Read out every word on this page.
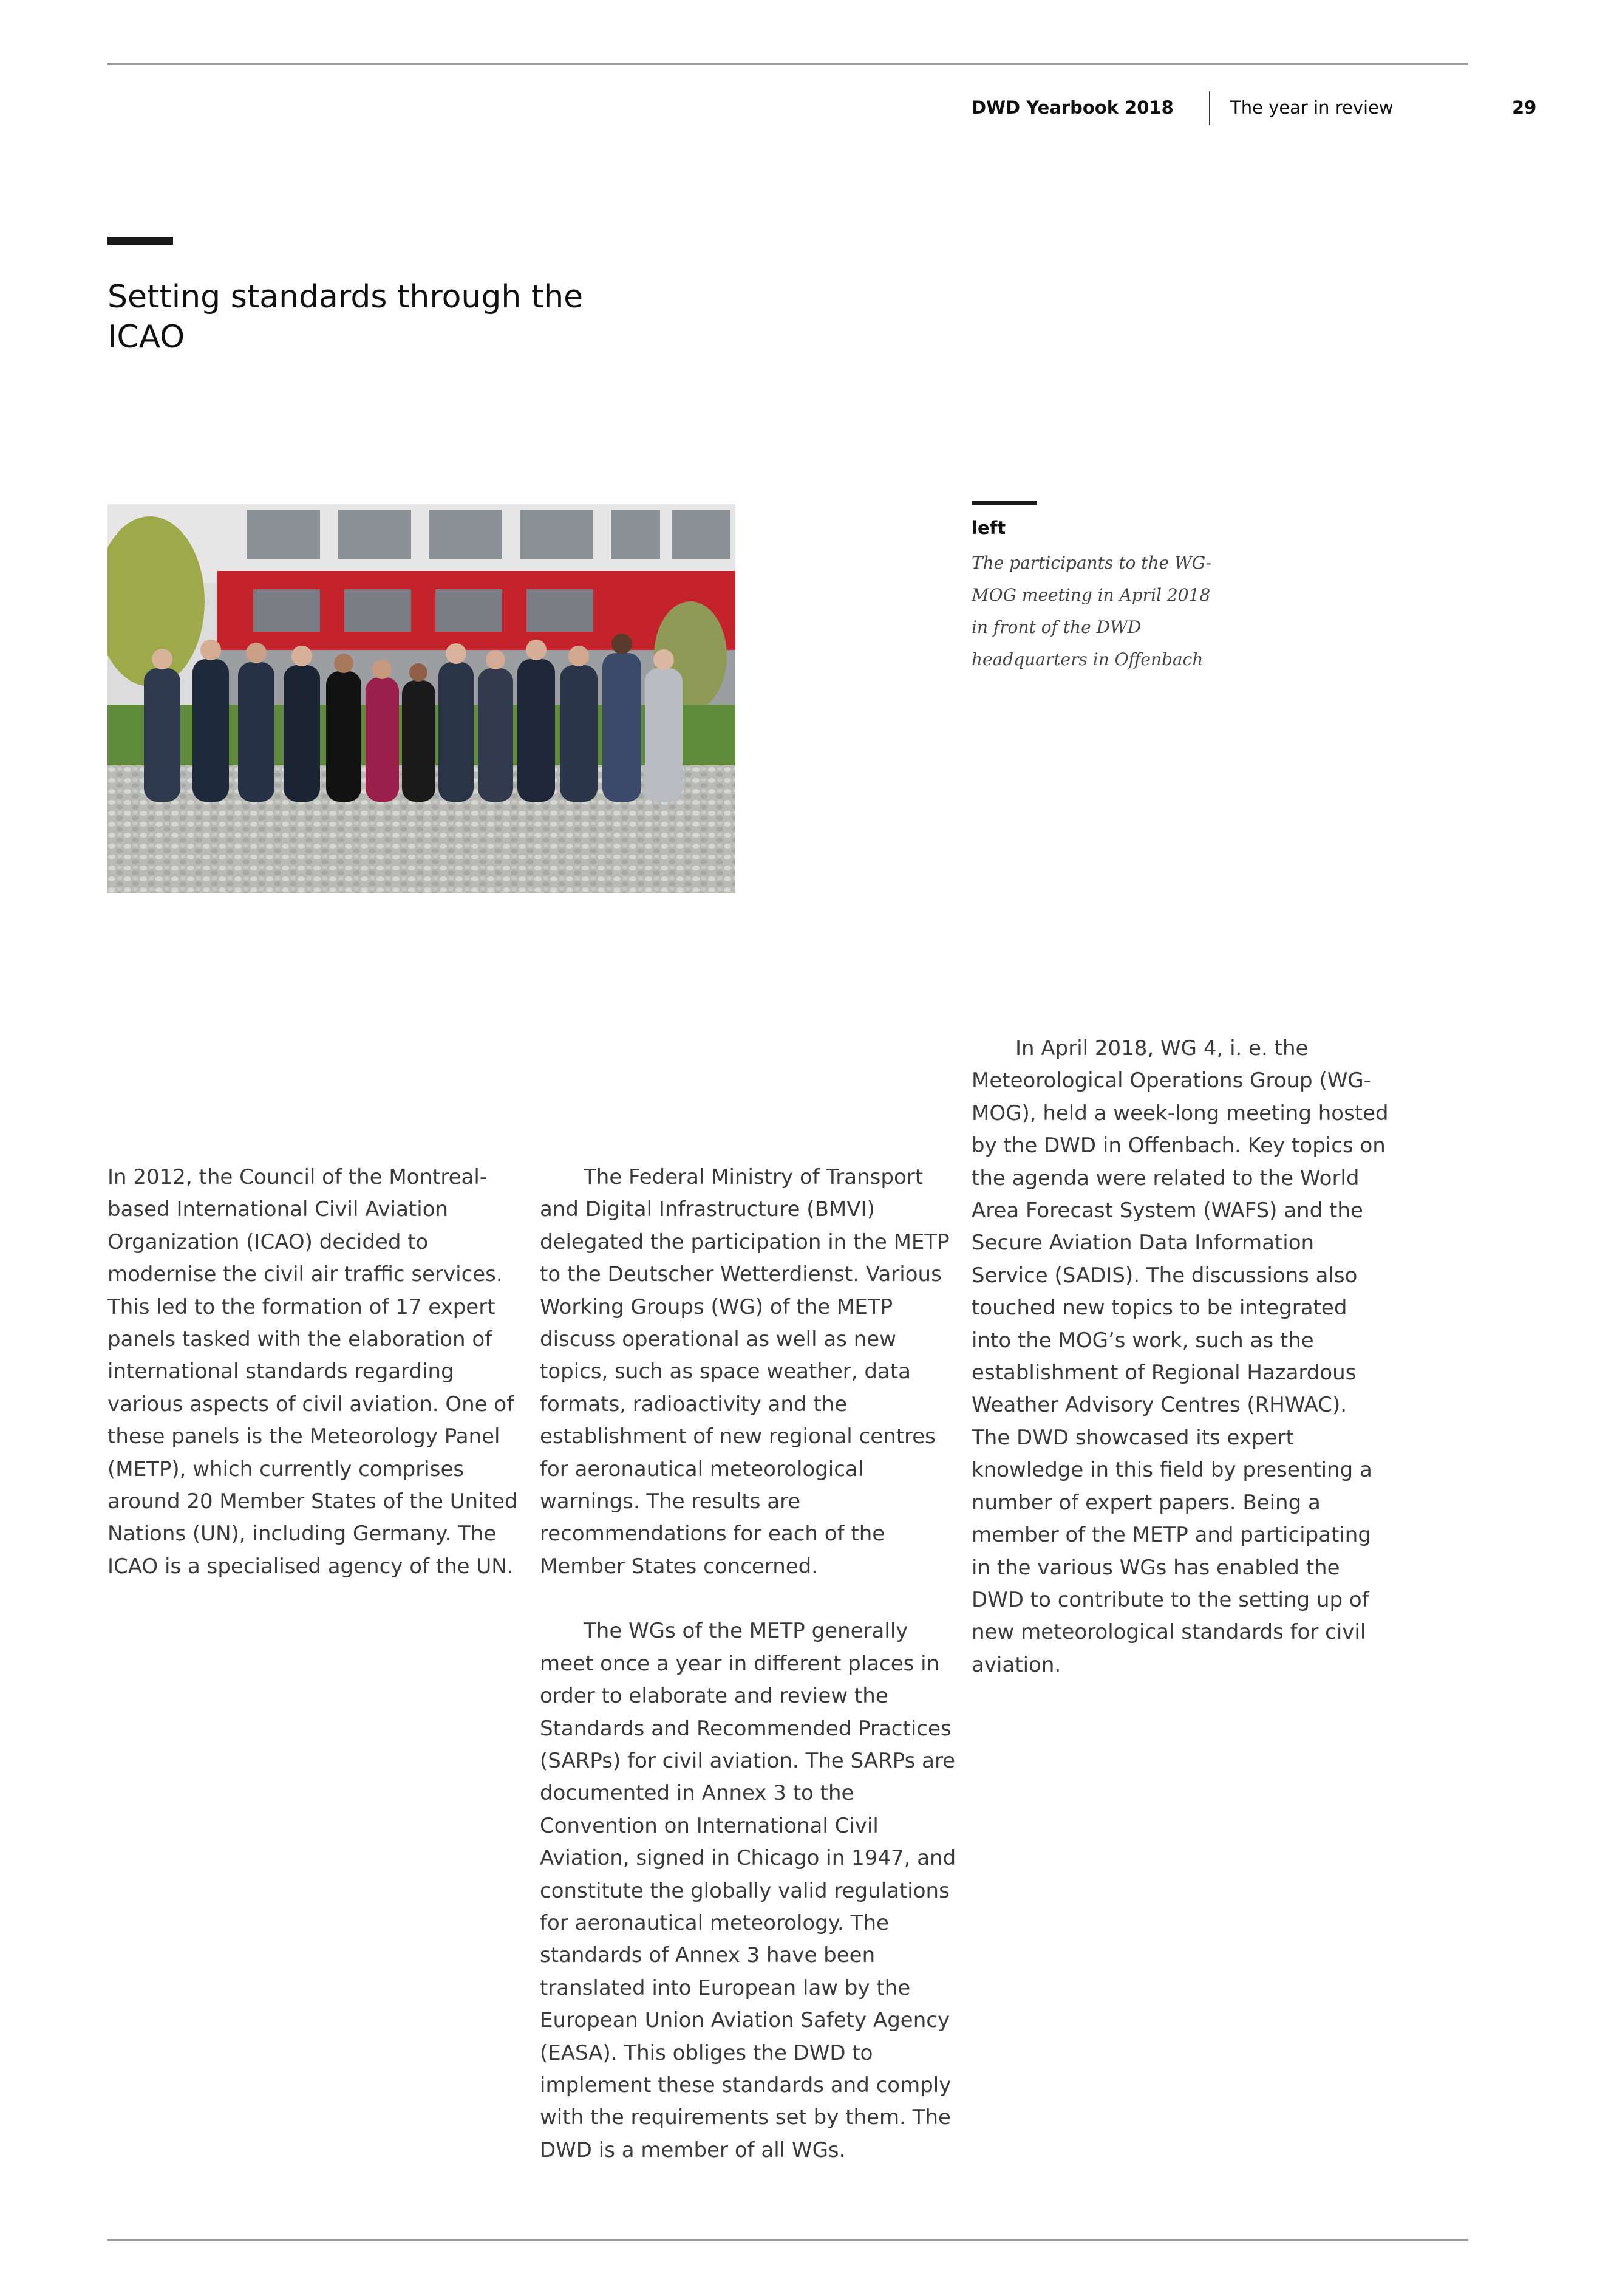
DWD Yearbook 2018	The year in review	29
Setting standards through the ICAO
left
The participants to the WG-MOG meeting in April 2018 in front of the DWD headquarters in Offenbach

In 2012, the Council of the Montreal-based International Civil Aviation Organization (ICAO) decided to modernise the civil air traffic services. This led to the formation of 17 expert panels tasked with the elaboration of international standards regarding various aspects of civil aviation. One of these panels is the Meteorology Panel (METP), which currently comprises around 20 Member States of the United Nations (UN), including Germany. The ICAO is a specialised agency of the UN.

The Federal Ministry of Transport and Digital Infrastructure (BMVI) delegated the participation in the METP to the Deutscher Wetterdienst. Various Working Groups (WG) of the METP discuss operational as well as new topics, such as space weather, data formats, radioactivity and the establishment of new regional centres for aeronautical meteorological warnings. The results are recommendations for each of the Member States concerned.

The WGs of the METP generally meet once a year in different places in order to elaborate and review the Standards and Recommended Practices (SARPs) for civil aviation. The SARPs are documented in Annex 3 to the Convention on International Civil Aviation, signed in Chicago in 1947, and constitute the globally valid regulations for aeronautical meteorology. The standards of Annex 3 have been translated into European law by the European Union Aviation Safety Agency (EASA). This obliges the DWD to implement these standards and comply with the requirements set by them. The DWD is a member of all WGs.

In April 2018, WG 4, i. e. the Meteorological Operations Group (WG-MOG), held a week-long meeting hosted by the DWD in Offenbach. Key topics on the agenda were related to the World Area Forecast System (WAFS) and the Secure Aviation Data Information Service (SADIS). The discussions also touched new topics to be integrated into the MOG’s work, such as the establishment of Regional Hazardous Weather Advisory Centres (RHWAC). The DWD showcased its expert knowledge in this field by presenting a number of expert papers. Being a member of the METP and participating in the various WGs has enabled the DWD to contribute to the setting up of new meteorological standards for civil aviation.
